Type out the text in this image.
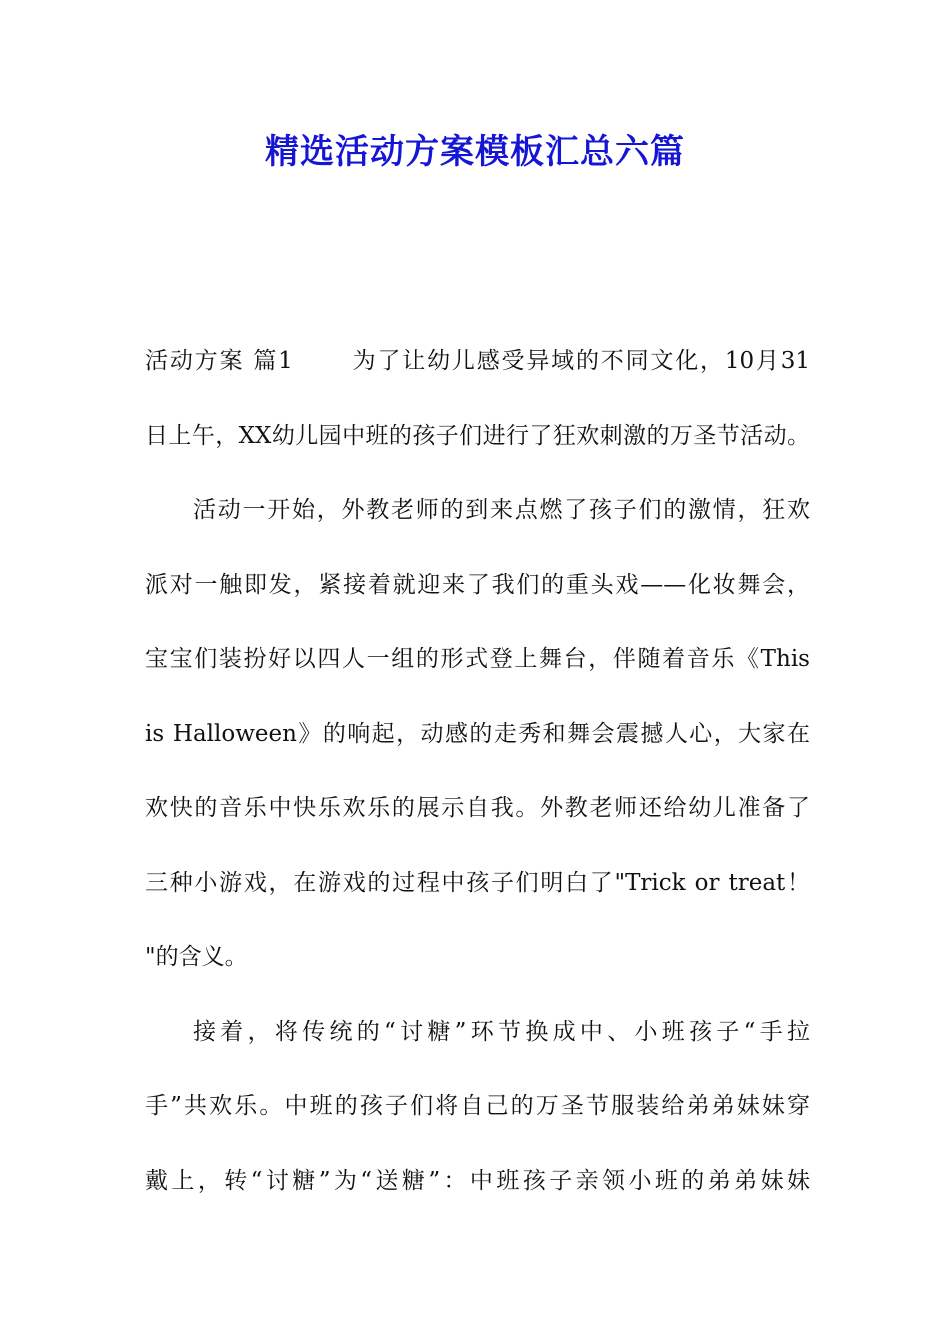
精选活动方案模板汇总六篇
活动方案 篇1	为了让幼儿感受异域的不同文化，10月31
日上午，XX幼儿园中班的孩子们进行了狂欢刺激的万圣节活动。
活动一开始，外教老师的到来点燃了孩子们的激情，狂欢
派对一触即发，紧接着就迎来了我们的重头戏——化妆舞会，
宝宝们装扮好以四人一组的形式登上舞台，伴随着音乐《This
is Halloween》的响起，动感的走秀和舞会震撼人心，大家在
欢快的音乐中快乐欢乐的展示自我。外教老师还给幼儿准备了
三种小游戏，在游戏的过程中孩子们明白了"Trick or treat！
"的含义。
接着，将传统的“讨糖”环节换成中、小班孩子“手拉
手”共欢乐。中班的孩子们将自己的万圣节服装给弟弟妹妹穿
戴上，转“讨糖”为“送糖”：中班孩子亲领小班的弟弟妹妹
